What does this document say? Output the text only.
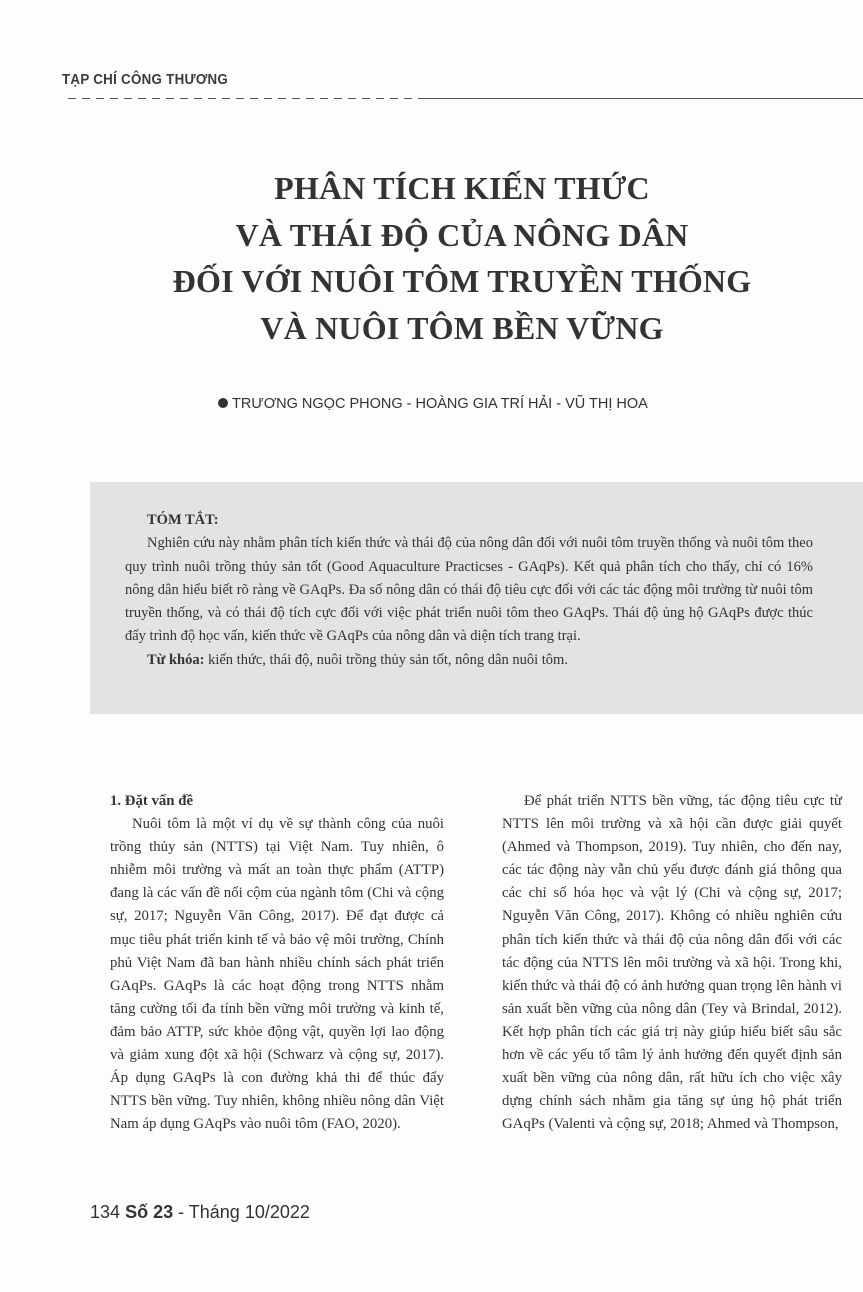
TẠP CHÍ CÔNG THƯƠNG
PHÂN TÍCH KIẾN THỨC
VÀ THÁI ĐỘ CỦA NÔNG DÂN
ĐỐI VỚI NUÔI TÔM TRUYỀN THỐNG
VÀ NUÔI TÔM BỀN VỮNG
TRƯƠNG NGỌC PHONG - HOÀNG GIA TRÍ HẢI - VŨ THỊ HOA
TÓM TẮT:

Nghiên cứu này nhằm phân tích kiến thức và thái độ của nông dân đối với nuôi tôm truyền thống và nuôi tôm theo quy trình nuôi trồng thủy sản tốt (Good Aquaculture Practicses - GAqPs). Kết quả phân tích cho thấy, chỉ có 16% nông dân hiểu biết rõ ràng về GAqPs. Đa số nông dân có thái độ tiêu cực đối với các tác động môi trường từ nuôi tôm truyền thống, và có thái độ tích cực đối với việc phát triển nuôi tôm theo GAqPs. Thái độ ủng hộ GAqPs được thúc đẩy trình độ học vấn, kiến thức về GAqPs của nông dân và diện tích trang trại.

Từ khóa: kiến thức, thái độ, nuôi trồng thủy sản tốt, nông dân nuôi tôm.

1. Đặt vấn đề

Nuôi tôm là một ví dụ về sự thành công của nuôi trồng thủy sản (NTTS) tại Việt Nam. Tuy nhiên, ô nhiễm môi trường và mất an toàn thực phẩm (ATTP) đang là các vấn đề nổi cộm của ngành tôm (Chi và cộng sự, 2017; Nguyễn Văn Công, 2017). Để đạt được cả mục tiêu phát triển kinh tế và bảo vệ môi trường, Chính phủ Việt Nam đã ban hành nhiều chính sách phát triển GAqPs. GAqPs là các hoạt động trong NTTS nhằm tăng cường tối đa tính bền vững môi trường và kinh tế, đảm bảo ATTP, sức khỏe động vật, quyền lợi lao động và giảm xung đột xã hội (Schwarz và cộng sự, 2017). Áp dụng GAqPs là con đường khả thi để thúc đẩy NTTS bền vững. Tuy nhiên, không nhiều nông dân Việt Nam áp dụng GAqPs vào nuôi tôm (FAO, 2020).

Để phát triển NTTS bền vững, tác động tiêu cực từ NTTS lên môi trường và xã hội cần được giải quyết (Ahmed và Thompson, 2019). Tuy nhiên, cho đến nay, các tác động này vẫn chủ yếu được đánh giá thông qua các chỉ số hóa học và vật lý (Chi và cộng sự, 2017; Nguyễn Văn Công, 2017). Không có nhiều nghiên cứu phân tích kiến thức và thái độ của nông dân đối với các tác động của NTTS lên môi trường và xã hội. Trong khi, kiến thức và thái độ có ảnh hưởng quan trọng lên hành vi sản xuất bền vững của nông dân (Tey và Brindal, 2012). Kết hợp phân tích các giá trị này giúp hiểu biết sâu sắc hơn về các yếu tố tâm lý ảnh hưởng đến quyết định sản xuất bền vững của nông dân, rất hữu ích cho việc xây dựng chính sách nhằm gia tăng sự ủng hộ phát triển GAqPs (Valenti và cộng sự, 2018; Ahmed và Thompson,

134 Số 23 - Tháng 10/2022
